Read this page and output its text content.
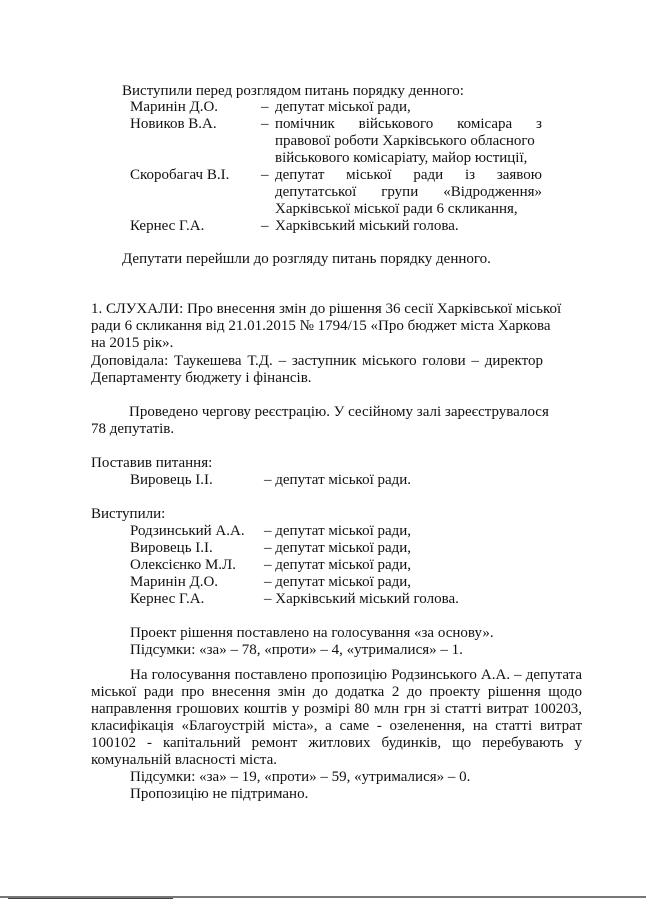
Виступили перед розглядом питань порядку денного:
Маринін Д.О.	– депутат міської ради,
Новиков В.А.	– помічник військового комісара з
правової роботи Харківського обласного
військового комісаріату, майор юстиції,
Скоробагач В.І. – депутат міської ради із заявою
депутатської групи «Відродження»
Харківської міської ради 6 скликання,
Кернес Г.А.	– Харківський міський голова.
Депутати перейшли до розгляду питань порядку денного.
1. СЛУХАЛИ: Про внесення змін до рішення 36 сесії Харківської міської
ради 6 скликання від 21.01.2015 № 1794/15 «Про бюджет міста Харкова
на 2015 рік».
Доповідала: Таукешева Т.Д. – заступник міського голови – директор
Департаменту бюджету і фінансів.
Проведено чергову реєстрацію. У сесійному залі зареєструвалося
78 депутатів.
Поставив питання:
Вировець І.І.	– депутат міської ради.
Виступили:
Родзинський А.А. – депутат міської ради,
Вировець І.І.	– депутат міської ради,
Олексієнко М.Л. – депутат міської ради,
Маринін Д.О.	– депутат міської ради,
Кернес Г.А.	– Харківський міський голова.
Проект рішення поставлено на голосування «за основу».
Підсумки: «за» – 78, «проти» – 4, «утрималися» – 1.
На голосування поставлено пропозицію Родзинського А.А. – депутата
міської ради про внесення змін до додатка 2 до проекту рішення щодо
направлення грошових коштів у розмірі 80 млн грн зі статті витрат 100203,
класифікація «Благоустрій міста», а саме - озеленення, на статті витрат
100102 - капітальний ремонт житлових будинків, що перебувають у
комунальній власності міста.
Підсумки: «за» – 19, «проти» – 59, «утрималися» – 0.
Пропозицію не підтримано.
